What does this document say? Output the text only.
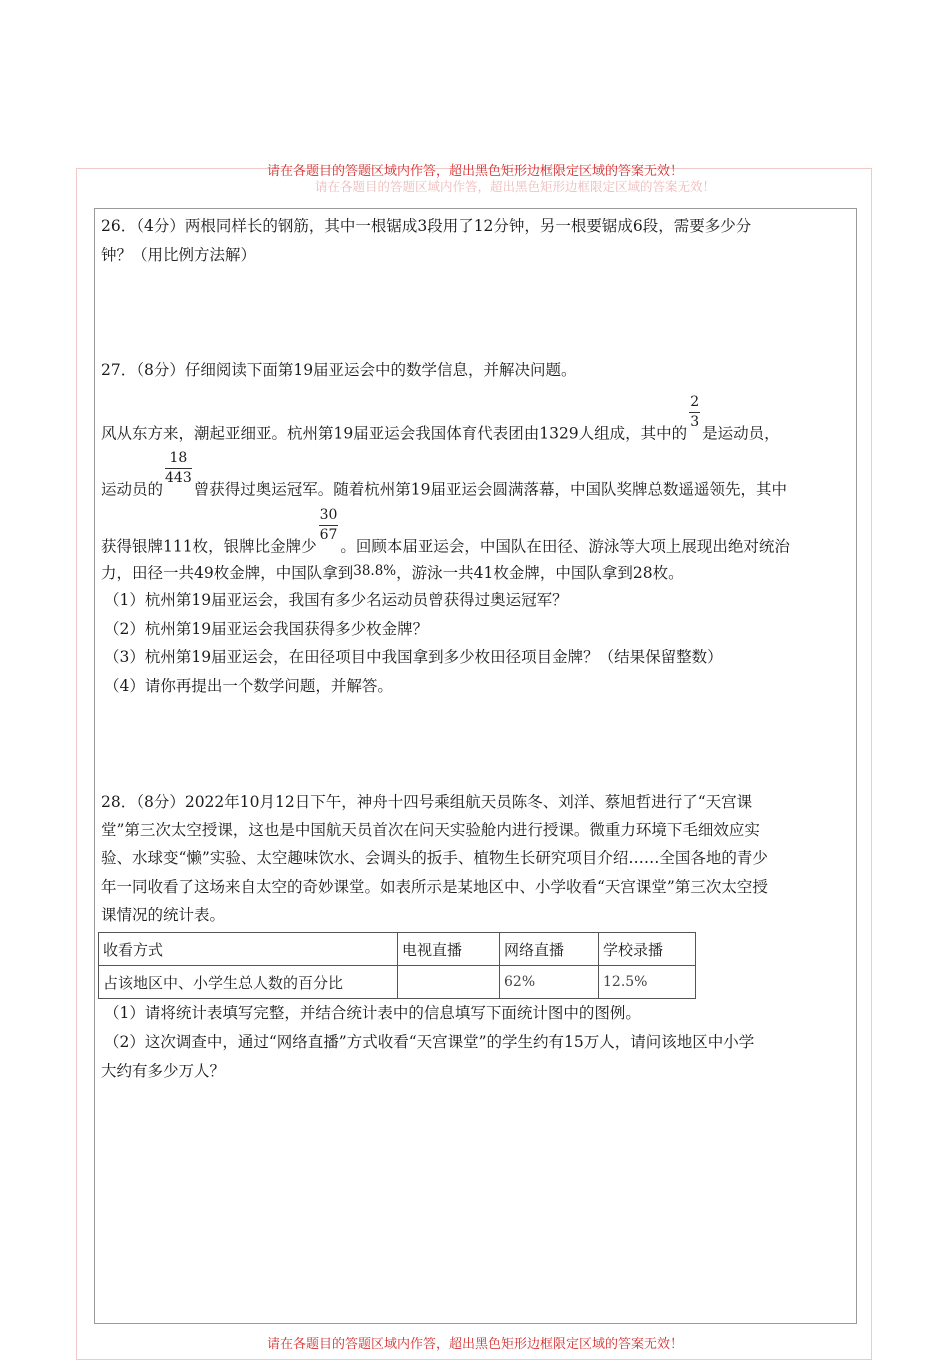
请在各题目的答题区域内作答，超出黑色矩形边框限定区域的答案无效！
请在各题目的答题区域内作答，超出黑色矩形边框限定区域的答案无效！
26．（4分）两根同样长的钢筋，其中一根锯成3段用了12分钟，另一根要锯成6段，需要多少分
钟？（用比例方法解）
27．（8分）仔细阅读下面第19届亚运会中的数学信息，并解决问题。
风从东方来，潮起亚细亚。杭州第19届亚运会我国体育代表团由1329人组成，其中的
$\frac{2}{3}$
是运动员，
运动员的
$\frac{18}{443}$
曾获得过奥运冠军。随着杭州第19届亚运会圆满落幕，中国队奖牌总数遥遥领先，其中
获得银牌111枚，银牌比金牌少
$\frac{30}{67}$
。回顾本届亚运会，中国队在田径、游泳等大项上展现出绝对统治
力，田径一共49枚金牌，中国队拿到38.8%，游泳一共41枚金牌，中国队拿到28枚。
（1）杭州第19届亚运会，我国有多少名运动员曾获得过奥运冠军？
（2）杭州第19届亚运会我国获得多少枚金牌？
（3）杭州第19届亚运会，在田径项目中我国拿到多少枚田径项目金牌？（结果保留整数）
（4）请你再提出一个数学问题，并解答。
28．（8分）2022年10月12日下午，神舟十四号乘组航天员陈冬、刘洋、蔡旭哲进行了“天宫课
堂”第三次太空授课，这也是中国航天员首次在问天实验舱内进行授课。微重力环境下毛细效应实
验、水球变“懒”实验、太空趣味饮水、会调头的扳手、植物生长研究项目介绍……全国各地的青少
年一同收看了这场来自太空的奇妙课堂。如表所示是某地区中、小学收看“天宫课堂”第三次太空授
课情况的统计表。
收看方式	电视直播	网络直播	学校录播
占该地区中、小学生总人数的百分比		62%	12.5%
（1）请将统计表填写完整，并结合统计表中的信息填写下面统计图中的图例。
（2）这次调查中，通过“网络直播”方式收看“天宫课堂”的学生约有15万人，请问该地区中小学
大约有多少万人？
请在各题目的答题区域内作答，超出黑色矩形边框限定区域的答案无效！
